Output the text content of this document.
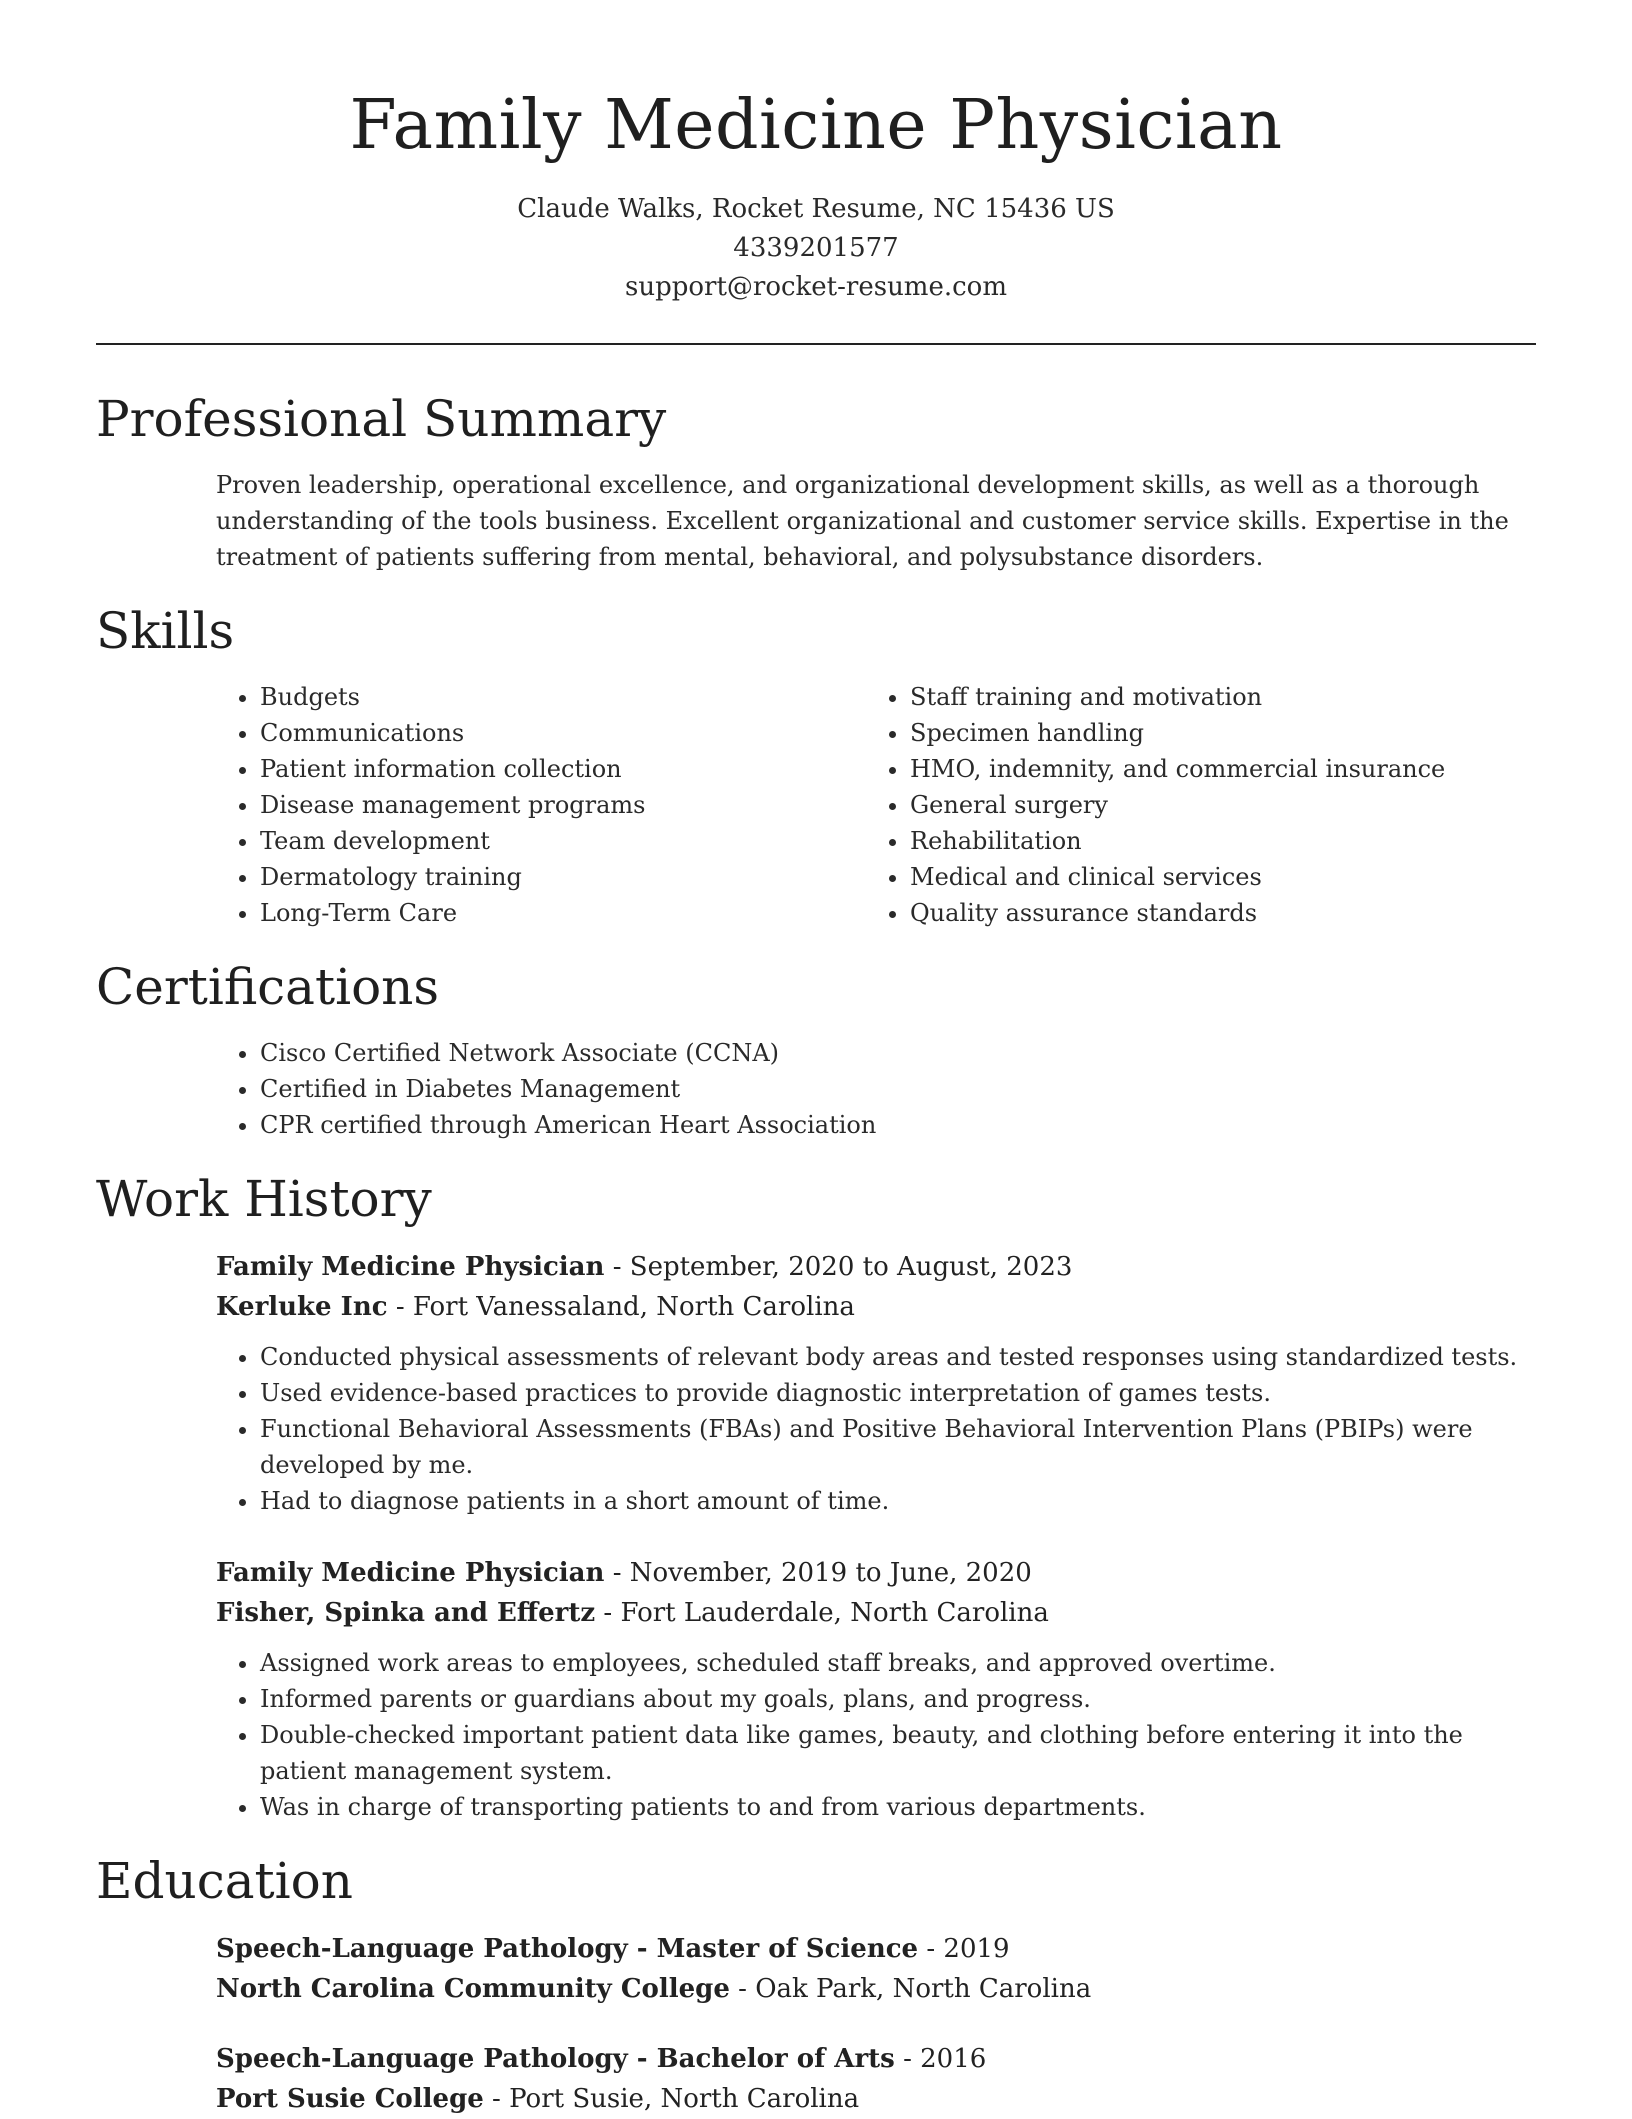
Family Medicine Physician
Claude Walks, Rocket Resume, NC 15436 US
4339201577
support@rocket-resume.com
Professional Summary

Proven leadership, operational excellence, and organizational development skills, as well as a thorough understanding of the tools business. Excellent organizational and customer service skills. Expertise in the treatment of patients suffering from mental, behavioral, and polysubstance disorders.

Skills
• Budgets
• Communications
• Patient information collection
• Disease management programs
• Team development
• Dermatology training
• Long-Term Care
• Staff training and motivation
• Specimen handling
• HMO, indemnity, and commercial insurance
• General surgery
• Rehabilitation
• Medical and clinical services
• Quality assurance standards
Certifications
• Cisco Certified Network Associate (CCNA)
• Certified in Diabetes Management
• CPR certified through American Heart Association
Work History
Family Medicine Physician - September, 2020 to August, 2023
Kerluke Inc - Fort Vanessaland, North Carolina
• Conducted physical assessments of relevant body areas and tested responses using standardized tests.
• Used evidence-based practices to provide diagnostic interpretation of games tests.
• Functional Behavioral Assessments (FBAs) and Positive Behavioral Intervention Plans (PBIPs) were developed by me.
• Had to diagnose patients in a short amount of time.
Family Medicine Physician - November, 2019 to June, 2020
Fisher, Spinka and Effertz - Fort Lauderdale, North Carolina
• Assigned work areas to employees, scheduled staff breaks, and approved overtime.
• Informed parents or guardians about my goals, plans, and progress.
• Double-checked important patient data like games, beauty, and clothing before entering it into the patient management system.
• Was in charge of transporting patients to and from various departments.
Education
Speech-Language Pathology - Master of Science - 2019
North Carolina Community College - Oak Park, North Carolina
Speech-Language Pathology - Bachelor of Arts - 2016
Port Susie College - Port Susie, North Carolina
